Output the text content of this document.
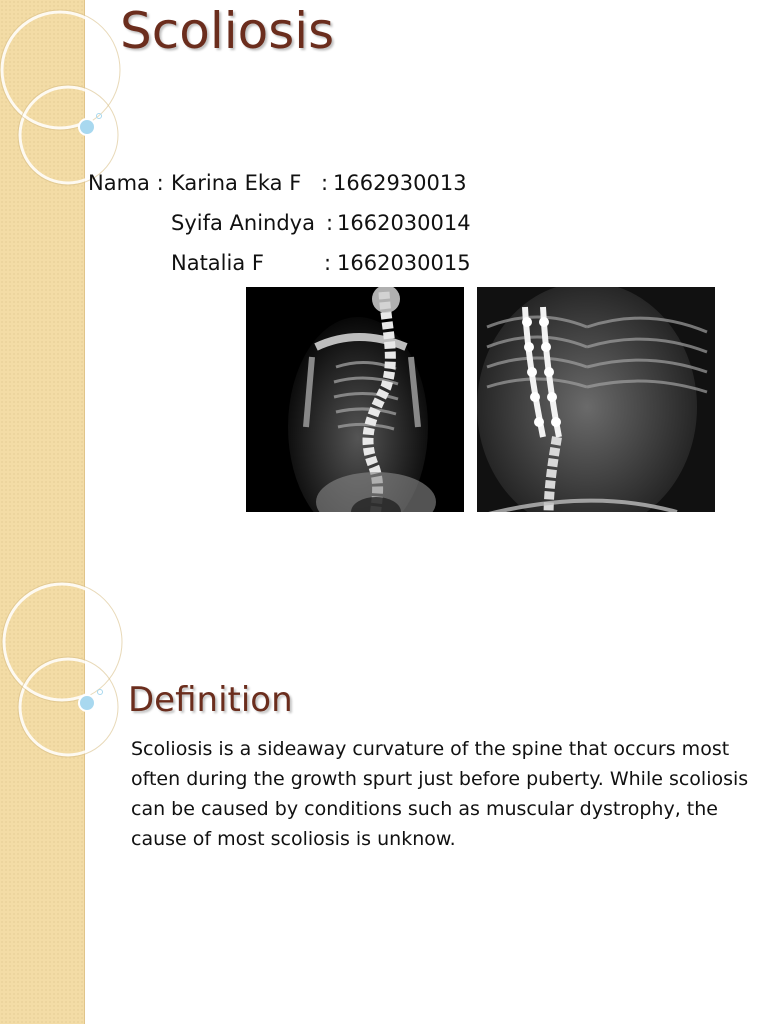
Scoliosis
Nama : Karina Eka F : 1662930013
Syifa Anindya : 1662030014
Natalia F	: 1662030015
Definition

Scoliosis is a sideaway curvature of the spine that occurs most often during the growth spurt just before puberty. While scoliosis can be caused by conditions such as muscular dystrophy, the cause of most scoliosis is unknow.
